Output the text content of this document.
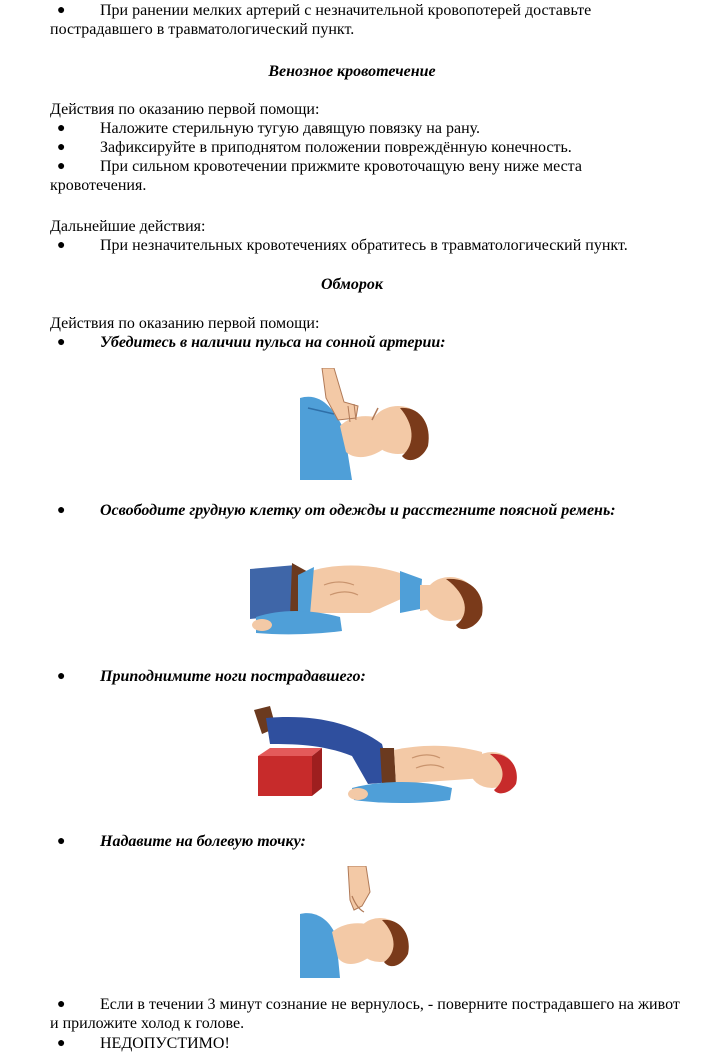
●	При ранении мелких артерий с незначительной кровопотерей доставьте пострадавшего в травматологический пункт.
Венозное кровотечение
Действия по оказанию первой помощи:
● Наложите стерильную тугую давящую повязку на рану.
● Зафиксируйте в приподнятом положении повреждённую конечность.
●	При сильном кровотечении прижмите кровоточащую вену ниже места кровотечения.
Дальнейшие действия:
● При незначительных кровотечениях обратитесь в травматологический пункт.
Обморок
Действия по оказанию первой помощи:
● Убедитесь в наличии пульса на сонной артерии:
● Освободите грудную клетку от одежды и расстегните поясной ремень:
● Приподнимите ноги пострадавшего:
● Надавите на болевую точку:
●	Если в течении 3 минут сознание не вернулось, - поверните пострадавшего на живот и приложите холод к голове.
● НЕДОПУСТИМО!
